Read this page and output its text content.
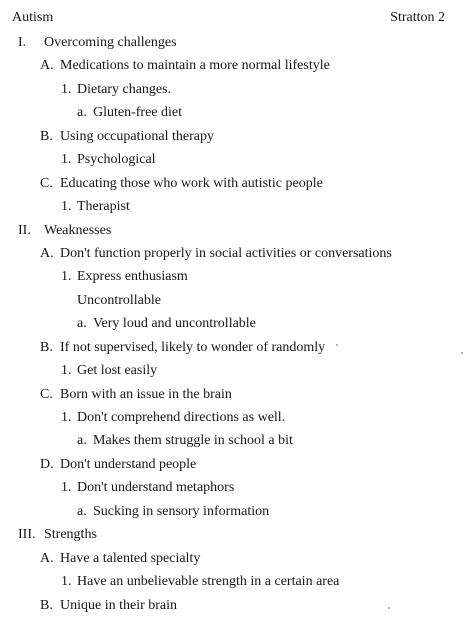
Autism	Stratton 2
I. Overcoming challenges
A. Medications to maintain a more normal lifestyle
1. Dietary changes.
a. Gluten-free diet
B. Using occupational therapy
1. Psychological
C. Educating those who work with autistic people
1. Therapist
II. Weaknesses
A. Don't function properly in social activities or conversations
1. Express enthusiasm
Uncontrollable
a. Very loud and uncontrollable
B. If not supervised, likely to wonder of randomly
1. Get lost easily
C. Born with an issue in the brain
1. Don't comprehend directions as well.
a. Makes them struggle in school a bit
D. Don't understand people
1. Don't understand metaphors
a. Sucking in sensory information
III. Strengths
A. Have a talented specialty
1. Have an unbelievable strength in a certain area
B. Unique in their brain
